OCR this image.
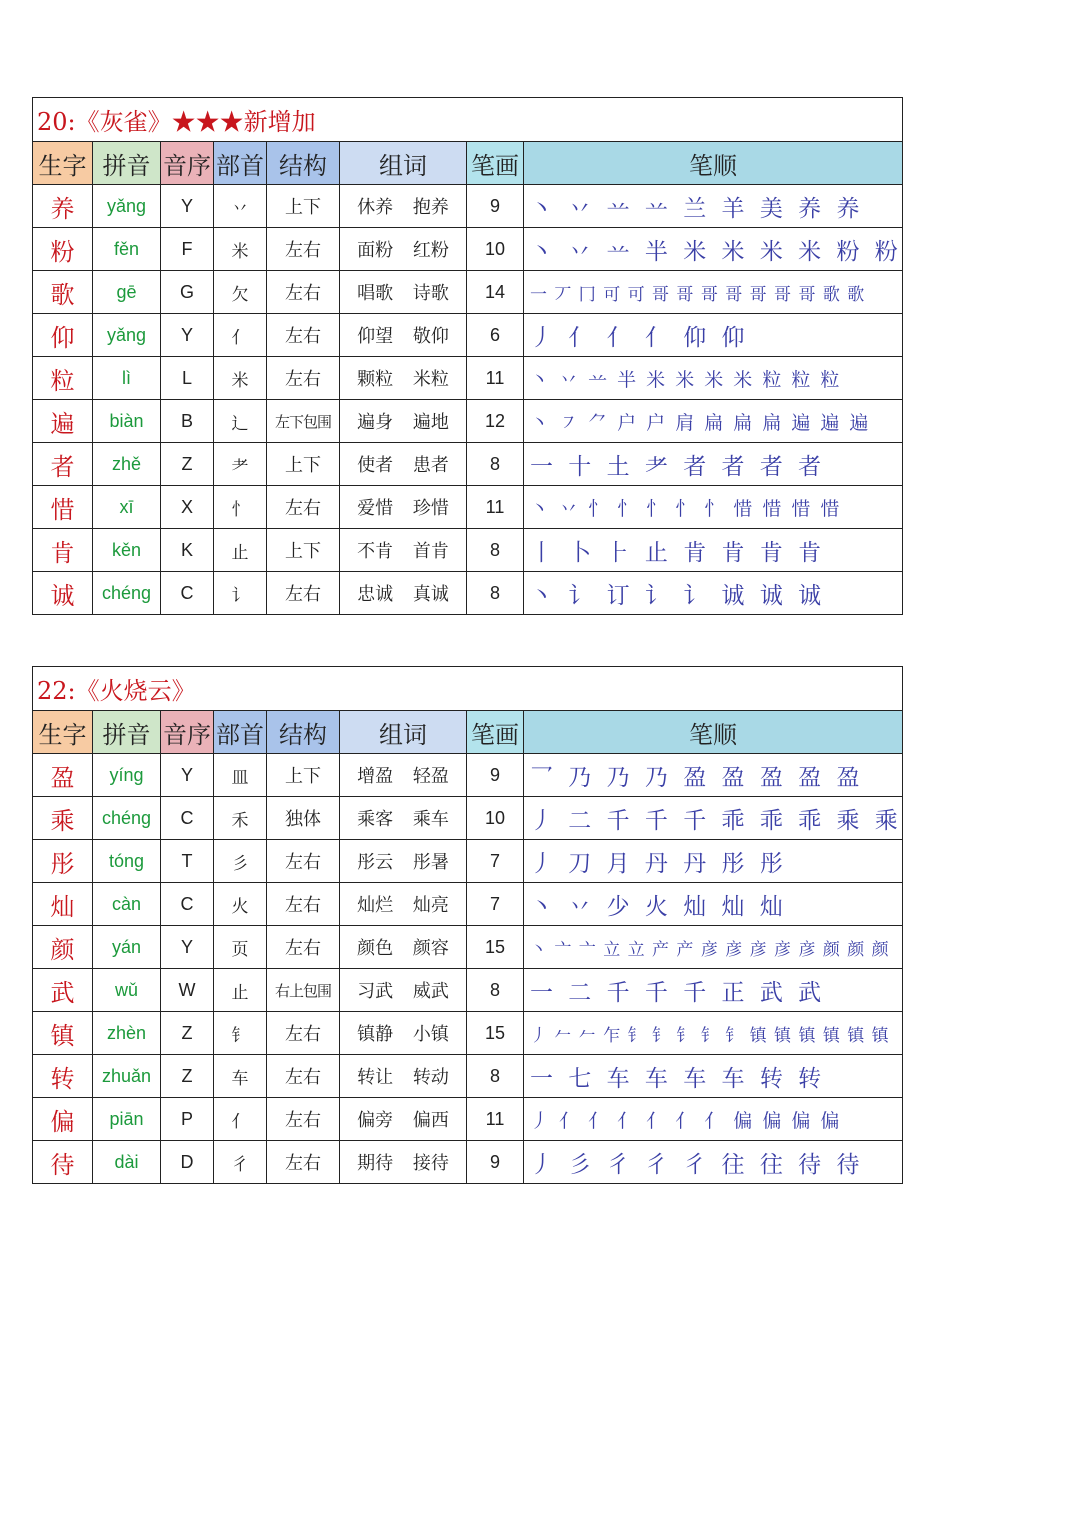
20:《灰雀》★★★新增加							
生字	拼音	音序	部首	结构	组词	笔画	笔顺
养	yǎng	Y	丷	上下	休养 抱养	9	丶 丷 䒑 䒑 兰 羊 美 养 养
粉	fěn	F	米	左右	面粉 红粉	10	丶 丷 䒑 半 米 米 米 米 粉 粉
歌	gē	G	欠	左右	唱歌 诗歌	14	一 丆 冂 可 可 哥 哥 哥 哥 哥 哥 哥 歌 歌
仰	yǎng	Y	亻	左右	仰望 敬仰	6	丿 亻 亻 亻 仰 仰
粒	lì	L	米	左右	颗粒 米粒	11	丶 丷 䒑 半 米 米 米 米 粒 粒 粒
遍	biàn	B	辶	左下包围	遍身 遍地	12	丶 ㇇ ⺈ 户 户 肩 扁 扁 扁 遍 遍 遍
者	zhě	Z	耂	上下	使者 患者	8	一 十 土 耂 者 者 者 者
惜	xī	X	忄	左右	爱惜 珍惜	11	丶 丷 忄 忄 忄 忄 忄 惜 惜 惜 惜
肯	kěn	K	止	上下	不肯 首肯	8	丨 卜 ⺊ 止 肯 肯 肯 肯
诚	chéng	C	讠	左右	忠诚 真诚	8	丶 讠 订 讠 讠 诚 诚 诚
22:《火烧云》							
生字	拼音	音序	部首	结构	组词	笔画	笔顺
盈	yíng	Y	皿	上下	增盈 轻盈	9	乛 乃 乃 乃 盈 盈 盈 盈 盈
乘	chéng	C	禾	独体	乘客 乘车	10	丿 二 千 千 千 乖 乖 乖 乘 乘
彤	tóng	T	彡	左右	彤云 彤暑	7	丿 刀 月 丹 丹 彤 彤
灿	càn	C	火	左右	灿烂 灿亮	7	丶 丷 少 火 灿 灿 灿
颜	yán	Y	页	左右	颜色 颜容	15	丶 亠 亠 立 立 产 产 彦 彦 彦 彦 彦 颜 颜 颜
武	wǔ	W	止	右上包围	习武 威武	8	一 二 千 千 千 正 武 武
镇	zhèn	Z	钅	左右	镇静 小镇	15	丿 𠂉 𠂉 乍 钅 钅 钅 钅 钅 镇 镇 镇 镇 镇 镇
转	zhuǎn	Z	车	左右	转让 转动	8	一 七 车 车 车 车 转 转
偏	piān	P	亻	左右	偏旁 偏西	11	丿 亻 亻 亻 亻 亻 亻 偏 偏 偏 偏
待	dài	D	彳	左右	期待 接待	9	丿 彡 彳 彳 彳 往 往 待 待
